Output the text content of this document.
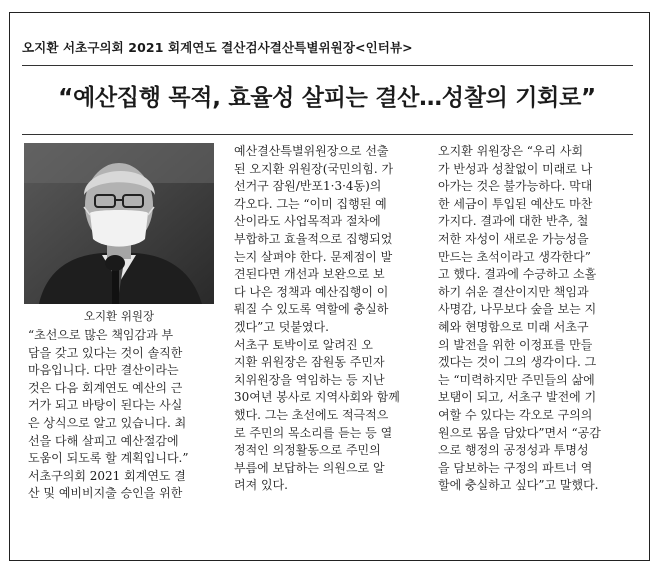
오지환 서초구의회 2021 회계연도 결산검사결산특별위원장<인터뷰>
“예산집행 목적, 효율성 살피는 결산…성찰의 기회로”
오지환 위원장
“초선으로 많은 책임감과 부
담을 갖고 있다는 것이 솔직한
마음입니다. 다만 결산이라는
것은 다음 회계연도 예산의 근
거가 되고 바탕이 된다는 사실
은 상식으로 알고 있습니다. 최
선을 다해 살피고 예산절감에
도움이 되도록 할 계획입니다.”
서초구의회 2021 회계연도 결
산 및 예비비지출 승인을 위한
예산결산특별위원장으로 선출
된 오지환 위원장(국민의힘. 가
선거구 잠원/반포1·3·4동)의
각오다. 그는 “이미 집행된 예
산이라도 사업목적과 절차에
부합하고 효율적으로 집행되었
는지 살펴야 한다. 문제점이 발
견된다면 개선과 보완으로 보
다 나은 정책과 예산집행이 이
뤄질 수 있도록 역할에 충실하
겠다”고 덧붙였다.
서초구 토박이로 알려진 오
지환 위원장은 잠원동 주민자
치위원장을 역임하는 등 지난
30여년 봉사로 지역사회와 함께
했다. 그는 초선에도 적극적으
로 주민의 목소리를 듣는 등 열
정적인 의정활동으로 주민의
부름에 보답하는 의원으로 알
려져 있다.
오지환 위원장은 “우리 사회
가 반성과 성찰없이 미래로 나
아가는 것은 불가능하다. 막대
한 세금이 투입된 예산도 마찬
가지다. 결과에 대한 반추, 철
저한 자성이 새로운 가능성을
만드는 초석이라고 생각한다”
고 했다. 결과에 수긍하고 소홀
하기 쉬운 결산이지만 책임과
사명감, 나무보다 숲을 보는 지
혜와 현명함으로 미래 서초구
의 발전을 위한 이정표를 만들
겠다는 것이 그의 생각이다. 그
는 “미력하지만 주민들의 삶에
보탬이 되고, 서초구 발전에 기
여할 수 있다는 각오로 구의의
원으로 몸을 담았다”면서 “공감
으로 행정의 공정성과 투명성
을 담보하는 구정의 파트너 역
할에 충실하고 싶다”고 말했다.
